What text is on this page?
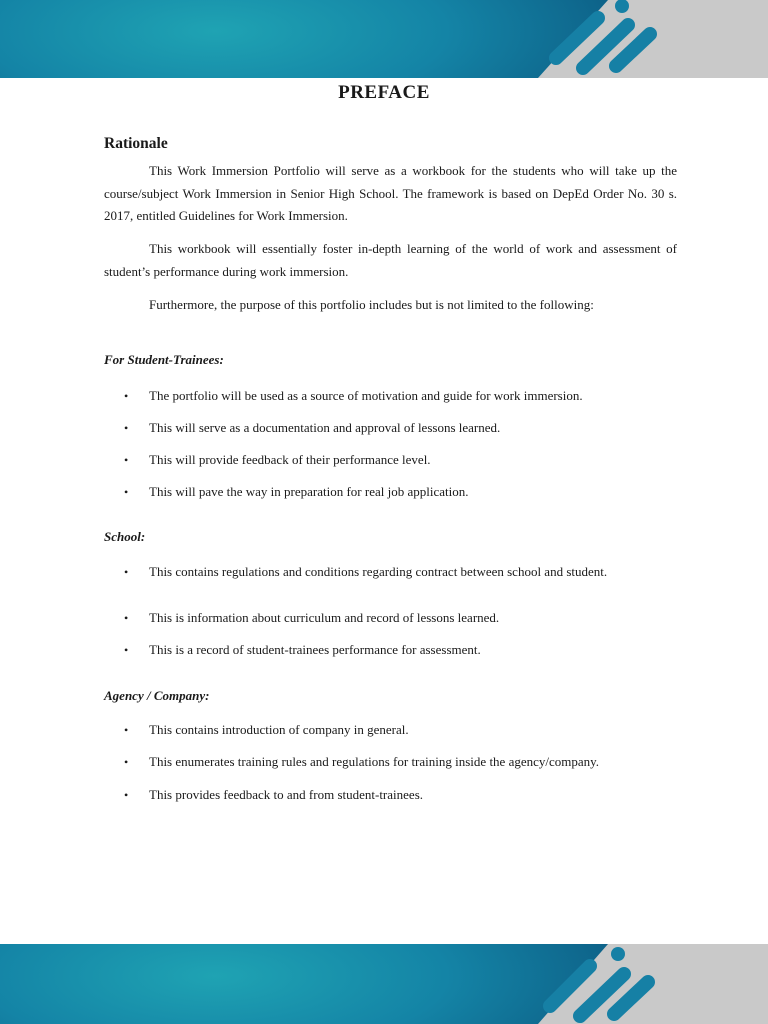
PREFACE
Rationale

This Work Immersion Portfolio will serve as a workbook for the students who will take up the course/subject Work Immersion in Senior High School. The framework is based on DepEd Order No. 30 s. 2017, entitled Guidelines for Work Immersion.

This workbook will essentially foster in-depth learning of the world of work and assessment of student’s performance during work immersion.

Furthermore, the purpose of this portfolio includes but is not limited to the following:

For Student-Trainees:
• The portfolio will be used as a source of motivation and guide for work immersion.
• This will serve as a documentation and approval of lessons learned.
• This will provide feedback of their performance level.
• This will pave the way in preparation for real job application.
School:
• This contains regulations and conditions regarding contract between school and student.
• This is information about curriculum and record of lessons learned.
• This is a record of student-trainees performance for assessment.
Agency / Company:
• This contains introduction of company in general.
• This enumerates training rules and regulations for training inside the agency/company.
• This provides feedback to and from student-trainees.
